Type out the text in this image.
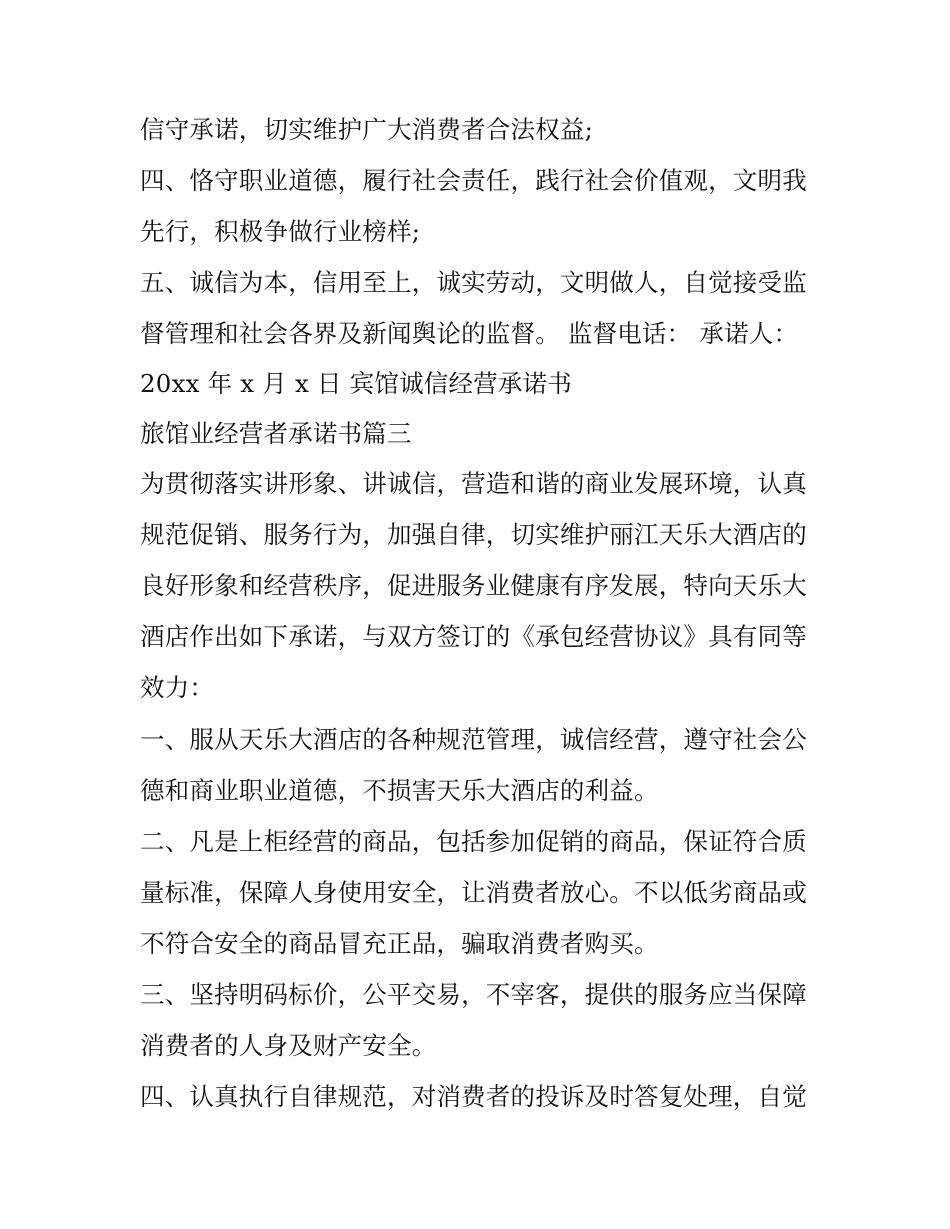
信守承诺，切实维护广大消费者合法权益;
四、恪守职业道德，履行社会责任，践行社会价值观，文明我
先行，积极争做行业榜样;
五、诚信为本，信用至上，诚实劳动，文明做人，自觉接受监
督管理和社会各界及新闻舆论的监督。 监督电话： 承诺人：
20xx 年 x 月 x 日 宾馆诚信经营承诺书
旅馆业经营者承诺书篇三
为贯彻落实讲形象、讲诚信，营造和谐的商业发展环境，认真
规范促销、服务行为，加强自律，切实维护丽江天乐大酒店的
良好形象和经营秩序，促进服务业健康有序发展，特向天乐大
酒店作出如下承诺，与双方签订的《承包经营协议》具有同等
效力：
一、服从天乐大酒店的各种规范管理，诚信经营，遵守社会公
德和商业职业道德，不损害天乐大酒店的利益。
二、凡是上柜经营的商品，包括参加促销的商品，保证符合质
量标准，保障人身使用安全，让消费者放心。不以低劣商品或
不符合安全的商品冒充正品，骗取消费者购买。
三、坚持明码标价，公平交易，不宰客，提供的服务应当保障
消费者的人身及财产安全。
四、认真执行自律规范，对消费者的投诉及时答复处理，自觉
